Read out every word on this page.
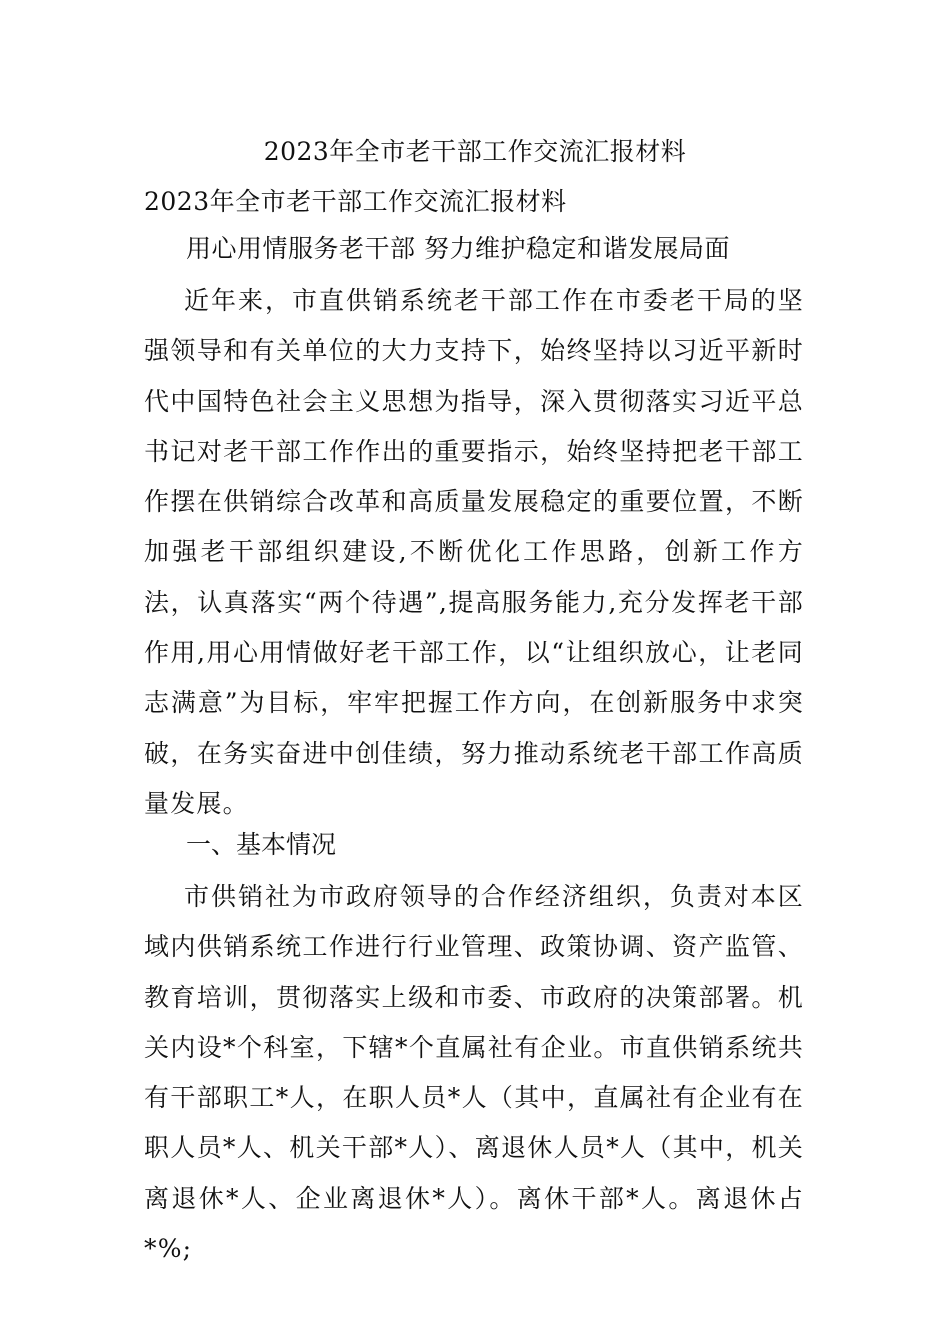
2023年全市老干部工作交流汇报材料
2023年全市老干部工作交流汇报材料
用心用情服务老干部 努力维护稳定和谐发展局面
近年来，市直供销系统老干部工作在市委老干局的坚强领导和有关单位的大力支持下，始终坚持以习近平新时代中国特色社会主义思想为指导，深入贯彻落实习近平总书记对老干部工作作出的重要指示，始终坚持把老干部工作摆在供销综合改革和高质量发展稳定的重要位置，不断加强老干部组织建设,不断优化工作思路，创新工作方法，认真落实“两个待遇”,提高服务能力,充分发挥老干部作用,用心用情做好老干部工作，以“让组织放心，让老同志满意”为目标，牢牢把握工作方向，在创新服务中求突破，在务实奋进中创佳绩，努力推动系统老干部工作高质量发展。
一、基本情况
市供销社为市政府领导的合作经济组织，负责对本区域内供销系统工作进行行业管理、政策协调、资产监管、教育培训，贯彻落实上级和市委、市政府的决策部署。机关内设*个科室，下辖*个直属社有企业。市直供销系统共有干部职工*人，在职人员*人（其中，直属社有企业有在职人员*人、机关干部*人）、离退休人员*人（其中，机关离退休*人、企业离退休*人）。离休干部*人。离退休占*%;
